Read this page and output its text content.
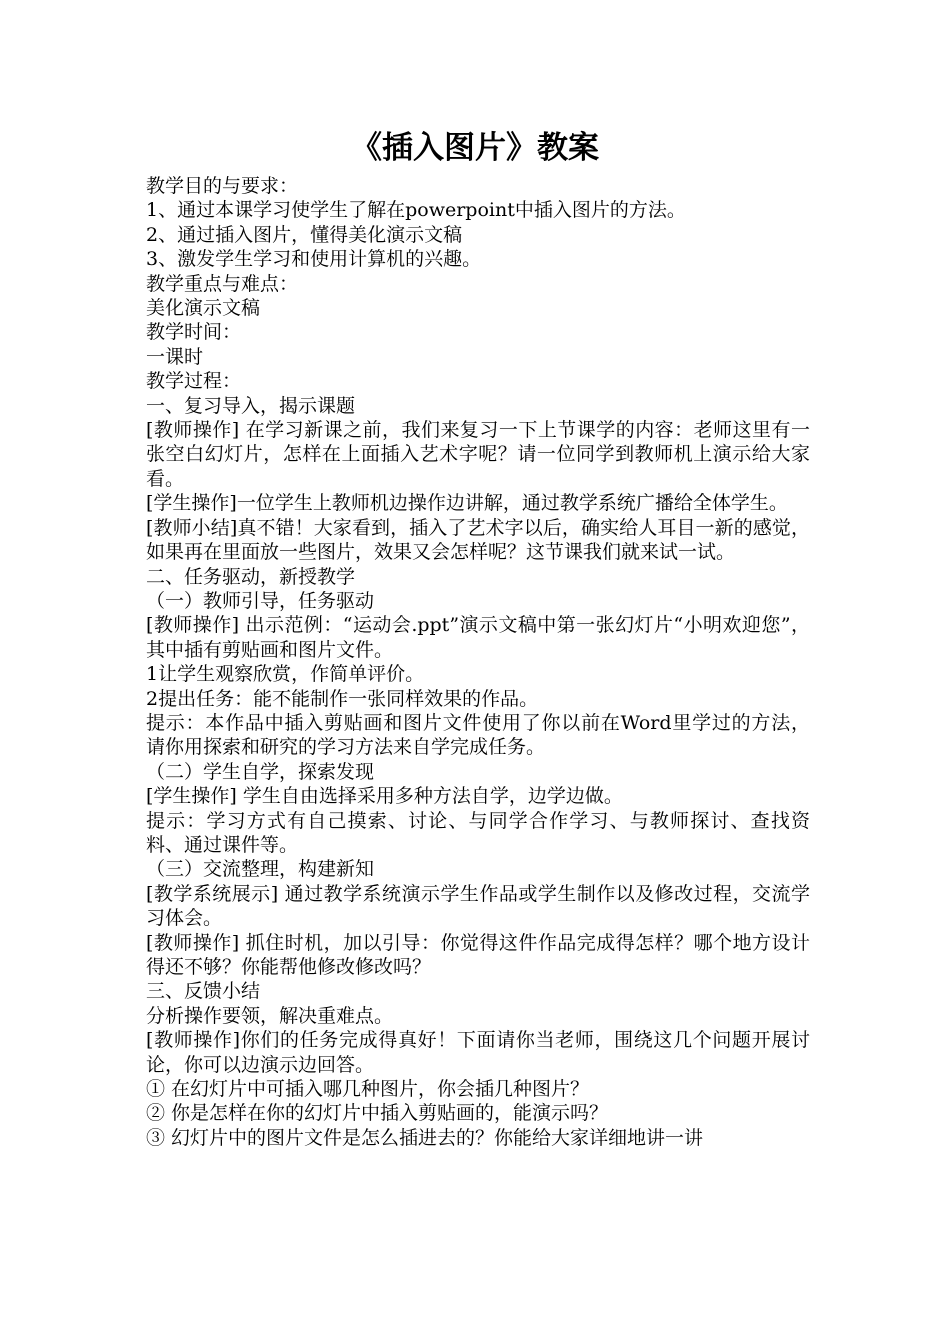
《插入图片》教案

教学目的与要求：

1、通过本课学习使学生了解在powerpoint中插入图片的方法。

2、通过插入图片，懂得美化演示文稿

3、激发学生学习和使用计算机的兴趣。

教学重点与难点：

美化演示文稿

教学时间：

一课时

教学过程：

一、复习导入，揭示课题

[教师操作] 在学习新课之前，我们来复习一下上节课学的内容：老师这里有一张空白幻灯片，怎样在上面插入艺术字呢？请一位同学到教师机上演示给大家看。

[学生操作]一位学生上教师机边操作边讲解，通过教学系统广播给全体学生。

[教师小结]真不错！大家看到，插入了艺术字以后，确实给人耳目一新的感觉，如果再在里面放一些图片，效果又会怎样呢？这节课我们就来试一试。

二、任务驱动，新授教学

（一）教师引导，任务驱动

[教师操作] 出示范例：“运动会.ppt”演示文稿中第一张幻灯片“小明欢迎您”，其中插有剪贴画和图片文件。

1让学生观察欣赏，作简单评价。

2提出任务：能不能制作一张同样效果的作品。

提示：本作品中插入剪贴画和图片文件使用了你以前在Word里学过的方法， 请你用探索和研究的学习方法来自学完成任务。

（二）学生自学，探索发现

[学生操作] 学生自由选择采用多种方法自学，边学边做。

提示：学习方式有自己摸索、讨论、与同学合作学习、与教师探讨、查找资料、通过课件等。

（三）交流整理，构建新知

[教学系统展示] 通过教学系统演示学生作品或学生制作以及修改过程，交流学习体会。

[教师操作] 抓住时机，加以引导：你觉得这件作品完成得怎样？哪个地方设计得还不够？你能帮他修改修改吗？

三、反馈小结

分析操作要领，解决重难点。

[教师操作]你们的任务完成得真好！下面请你当老师，围绕这几个问题开展讨论，你可以边演示边回答。

① 在幻灯片中可插入哪几种图片，你会插几种图片？

② 你是怎样在你的幻灯片中插入剪贴画的，能演示吗？

③ 幻灯片中的图片文件是怎么插进去的？你能给大家详细地讲一讲
